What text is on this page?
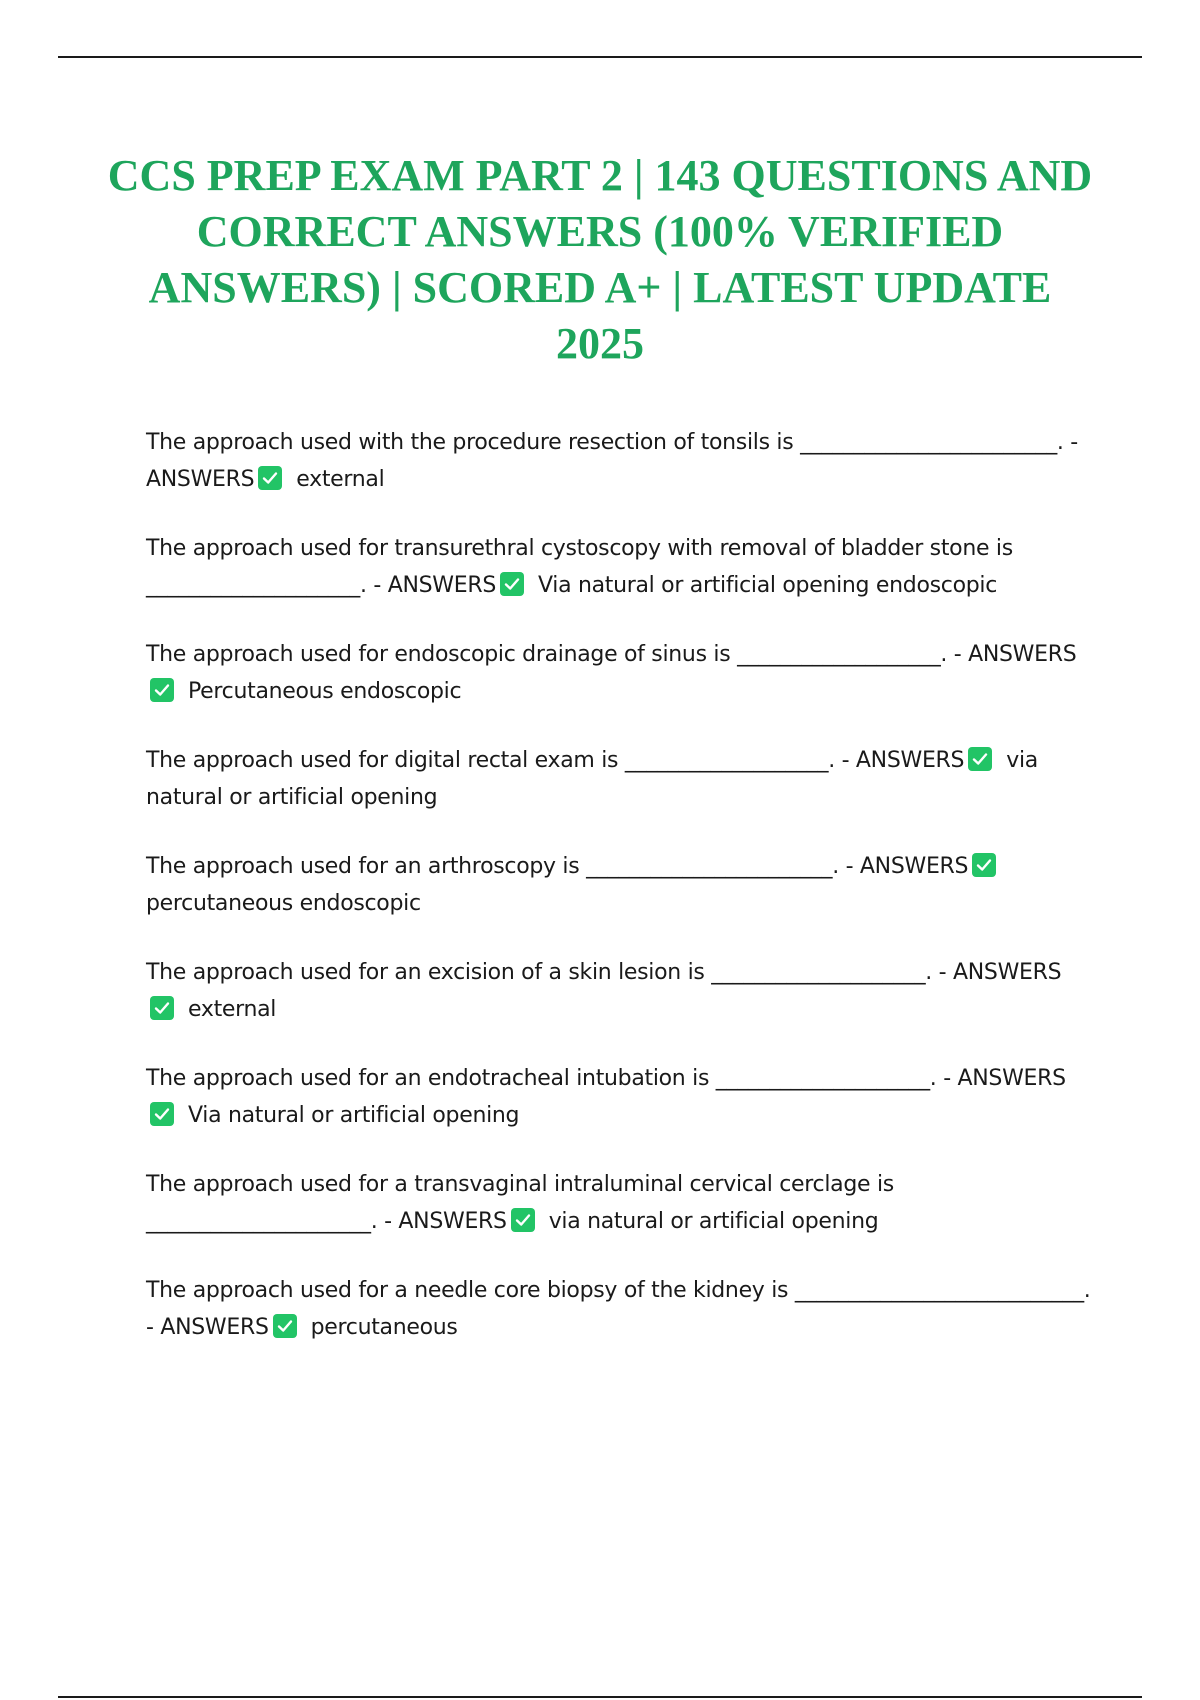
CCS PREP EXAM PART 2 | 143 QUESTIONS AND CORRECT ANSWERS (100% VERIFIED ANSWERS) | SCORED A+ | LATEST UPDATE 2025
The approach used with the procedure resection of tonsils is ________________________. - ANSWERS external
The approach used for transurethral cystoscopy with removal of bladder stone is ____________________. - ANSWERS Via natural or artificial opening endoscopic
The approach used for endoscopic drainage of sinus is ___________________. - ANSWERS
Percutaneous endoscopic
The approach used for digital rectal exam is ___________________. - ANSWERS via natural or artificial opening
The approach used for an arthroscopy is _______________________. - ANSWERS
percutaneous endoscopic
The approach used for an excision of a skin lesion is ____________________. - ANSWERS
external
The approach used for an endotracheal intubation is ____________________. - ANSWERS
Via natural or artificial opening
The approach used for a transvaginal intraluminal cervical cerclage is _____________________. - ANSWERS via natural or artificial opening
The approach used for a needle core biopsy of the kidney is ___________________________. - ANSWERS percutaneous
